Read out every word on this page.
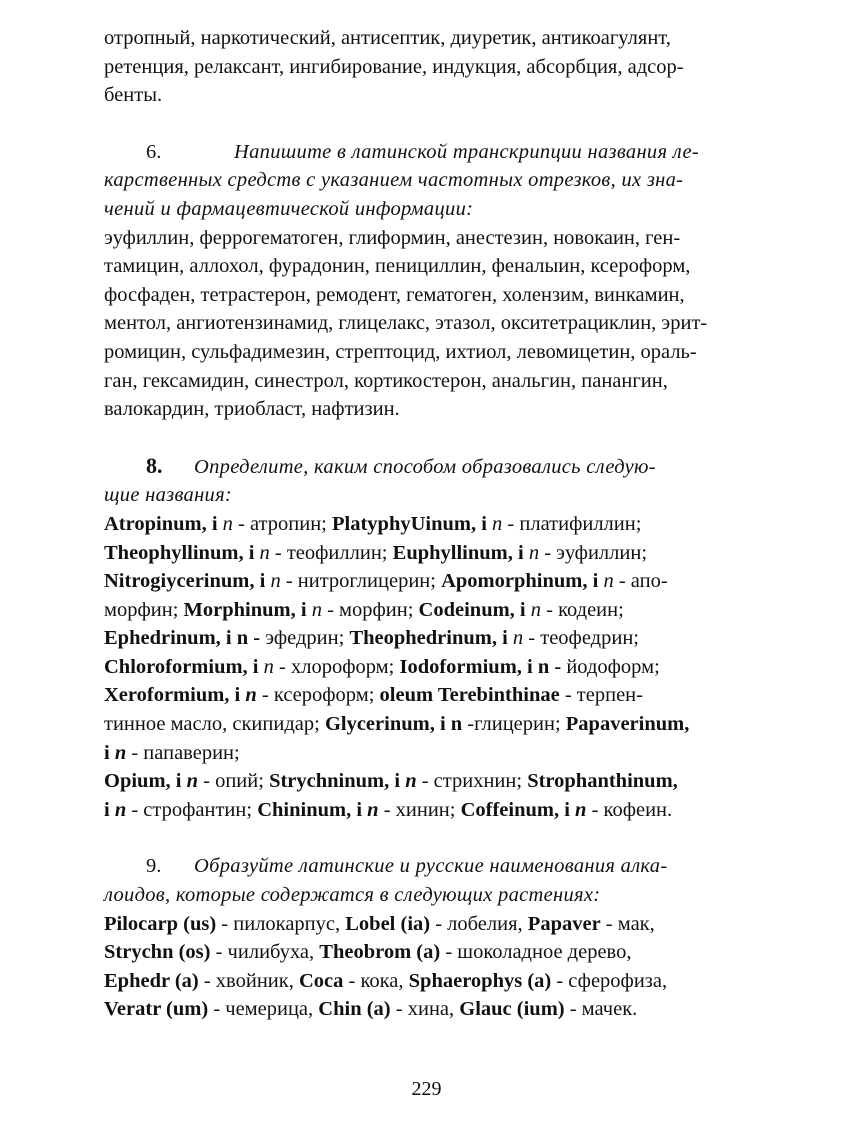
отропный, наркотический, антисептик, диуретик, антикоагулянт,

ретенция, релаксант, ингибирование, индукция, абсорбция, адсор-

бенты.

6.	Напишите в латинской транскрипции названия ле-

карственных средств с указанием частотных отрезков, их зна-

чений и фармацевтической информации:

эуфиллин, феррогематоген, глиформин, анестезин, новокаин, ген-

тамицин, аллохол, фурадонин, пенициллин, феналыин, ксероформ,

фосфаден, тетрастерон, ремодент, гематоген, холензим, винкамин,

ментол, ангиотензинамид, глицелакс, этазол, окситетрациклин, эрит-

ромицин, сульфадимезин, стрептоцид, ихтиол, левомицетин, ораль-

ган, гексамидин, синестрол, кортикостерон, анальгин, панангин,

валокардин, триобласт, нафтизин.

8. Определите, каким способом образовались следую-

щие названия:

Atropinum, i n - атропин; PlatyphyUinum, i n - платифиллин;

Theophyllinum, i n - теофиллин; Euphyllinum, i n - эуфиллин;

Nitrogiycerinum, i n - нитроглицерин; Apomorphinum, i n - апо-

морфин; Morphinum, i n - морфин; Codeinum, i n - кодеин;

Ephedrinum, i n - эфедрин; Theophedrinum, i n - теофедрин;

Chloroformium, i n - хлороформ; Iodoformium, i n - йодоформ;

Xeroformium, i n - ксероформ; oleum Terebinthinae - терпен-

тинное масло, скипидар; Glycerinum, i n -глицерин; Papaverinum,

i n - папаверин;

Opium, i n - опий; Strychninum, i n - стрихнин; Strophanthinum,

i n - строфантин; Chininum, i n - хинин; Coffeinum, i n - кофеин.

9. Образуйте латинские и русские наименования алка-

лоидов, которые содержатся в следующих растениях:

Pilocarp (us) - пилокарпус, Lobel (ia) - лобелия, Papaver - мак,

Strychn (os) - чилибуха, Theobrom (a) - шоколадное дерево,

Ephedr (a) - хвойник, Coca - кока, Sphaerophys (a) - сферофиза,

Veratr (um) - чемерица, Chin (a) - хина, Glauc (ium) - мачек.

229
